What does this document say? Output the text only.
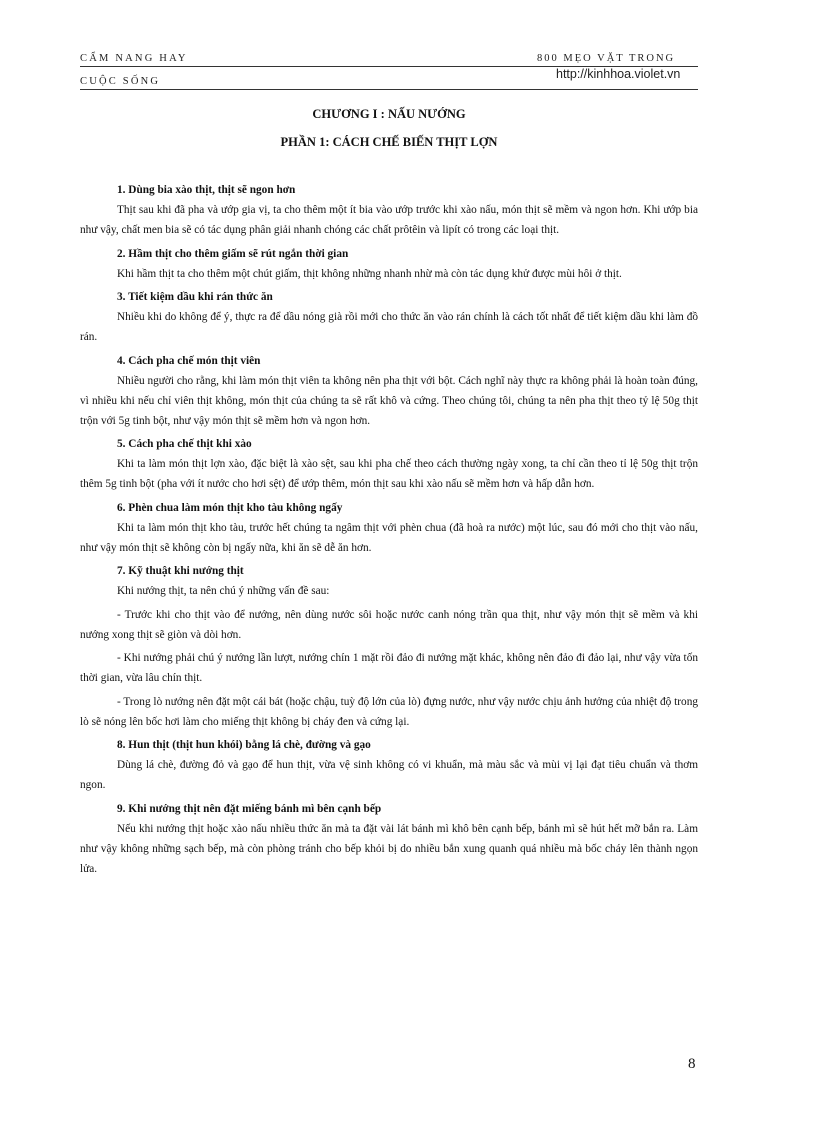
CẨM NANG HAY	800 MẸO VẶT TRONG
http://kinhhoa.violet.vn
CUỘC SỐNG
CHƯƠNG I : NẤU NƯỚNG
PHẦN 1: CÁCH CHẾ BIẾN THỊT LỢN
1. Dùng bia xào thịt, thịt sẽ ngon hơn

Thịt sau khi đã pha và ướp gia vị, ta cho thêm một ít bia vào ướp trước khi xào nấu, món thịt sẽ mềm và ngon hơn. Khi ướp bia như vậy, chất men bia sẽ có tác dụng phân giải nhanh chóng các chất prôtêin và lipít có trong các loại thịt.

2. Hầm thịt cho thêm giấm sẽ rút ngắn thời gian

Khi hầm thịt ta cho thêm một chút giấm, thịt không những nhanh nhừ mà còn tác dụng khử được mùi hôi ở thịt.

3. Tiết kiệm dầu khi rán thức ăn

Nhiều khi do không để ý, thực ra để dầu nóng già rồi mới cho thức ăn vào rán chính là cách tốt nhất để tiết kiệm dầu khi làm đồ rán.

4. Cách pha chế món thịt viên

Nhiều người cho rằng, khi làm món thịt viên ta không nên pha thịt với bột. Cách nghĩ này thực ra không phải là hoàn toàn đúng, vì nhiều khi nếu chỉ viên thịt không, món thịt của chúng ta sẽ rất khô và cứng. Theo chúng tôi, chúng ta nên pha thịt theo tỷ lệ 50g thịt trộn với 5g tinh bột, như vậy món thịt sẽ mềm hơn và ngon hơn.

5. Cách pha chế thịt khi xào

Khi ta làm món thịt lợn xào, đặc biệt là xào sệt, sau khi pha chế theo cách thường ngày xong, ta chỉ cần theo tỉ lệ 50g thịt trộn thêm 5g tinh bột (pha với ít nước cho hơi sệt) để ướp thêm, món thịt sau khi xào nấu sẽ mềm hơn và hấp dẫn hơn.

6. Phèn chua làm món thịt kho tàu không ngấy

Khi ta làm món thịt kho tàu, trước hết chúng ta ngâm thịt với phèn chua (đã hoà ra nước) một lúc, sau đó mới cho thịt vào nấu, như vậy món thịt sẽ không còn bị ngấy nữa, khi ăn sẽ dễ ăn hơn.

7. Kỹ thuật khi nướng thịt

Khi nướng thịt, ta nên chú ý những vấn đề sau:

- Trước khi cho thịt vào để nướng, nên dùng nước sôi hoặc nước canh nóng trần qua thịt, như vậy món thịt sẽ mềm và khi nướng xong thịt sẽ giòn và dòi hơn.

- Khi nướng phải chú ý nướng lần lượt, nướng chín 1 mặt rồi đảo đi nướng mặt khác, không nên đảo đi đảo lại, như vậy vừa tốn thời gian, vừa lâu chín thịt.

- Trong lò nướng nên đặt một cái bát (hoặc chậu, tuỳ độ lớn của lò) đựng nước, như vậy nước chịu ảnh hưởng của nhiệt độ trong lò sẽ nóng lên bốc hơi làm cho miếng thịt không bị cháy đen và cứng lại.

8. Hun thịt (thịt hun khói) bằng lá chè, đường và gạo

Dùng lá chè, đường đỏ và gạo để hun thịt, vừa vệ sinh không có vi khuẩn, mà màu sắc và mùi vị lại đạt tiêu chuẩn và thơm ngon.

9. Khi nướng thịt nên đặt miếng bánh mì bên cạnh bếp

Nếu khi nướng thịt hoặc xào nấu nhiều thức ăn mà ta đặt vài lát bánh mì khô bên cạnh bếp, bánh mì sẽ hút hết mỡ bắn ra. Làm như vậy không những sạch bếp, mà còn phòng tránh cho bếp khỏi bị do nhiều bắn xung quanh quá nhiều mà bốc cháy lên thành ngọn lửa.

8
